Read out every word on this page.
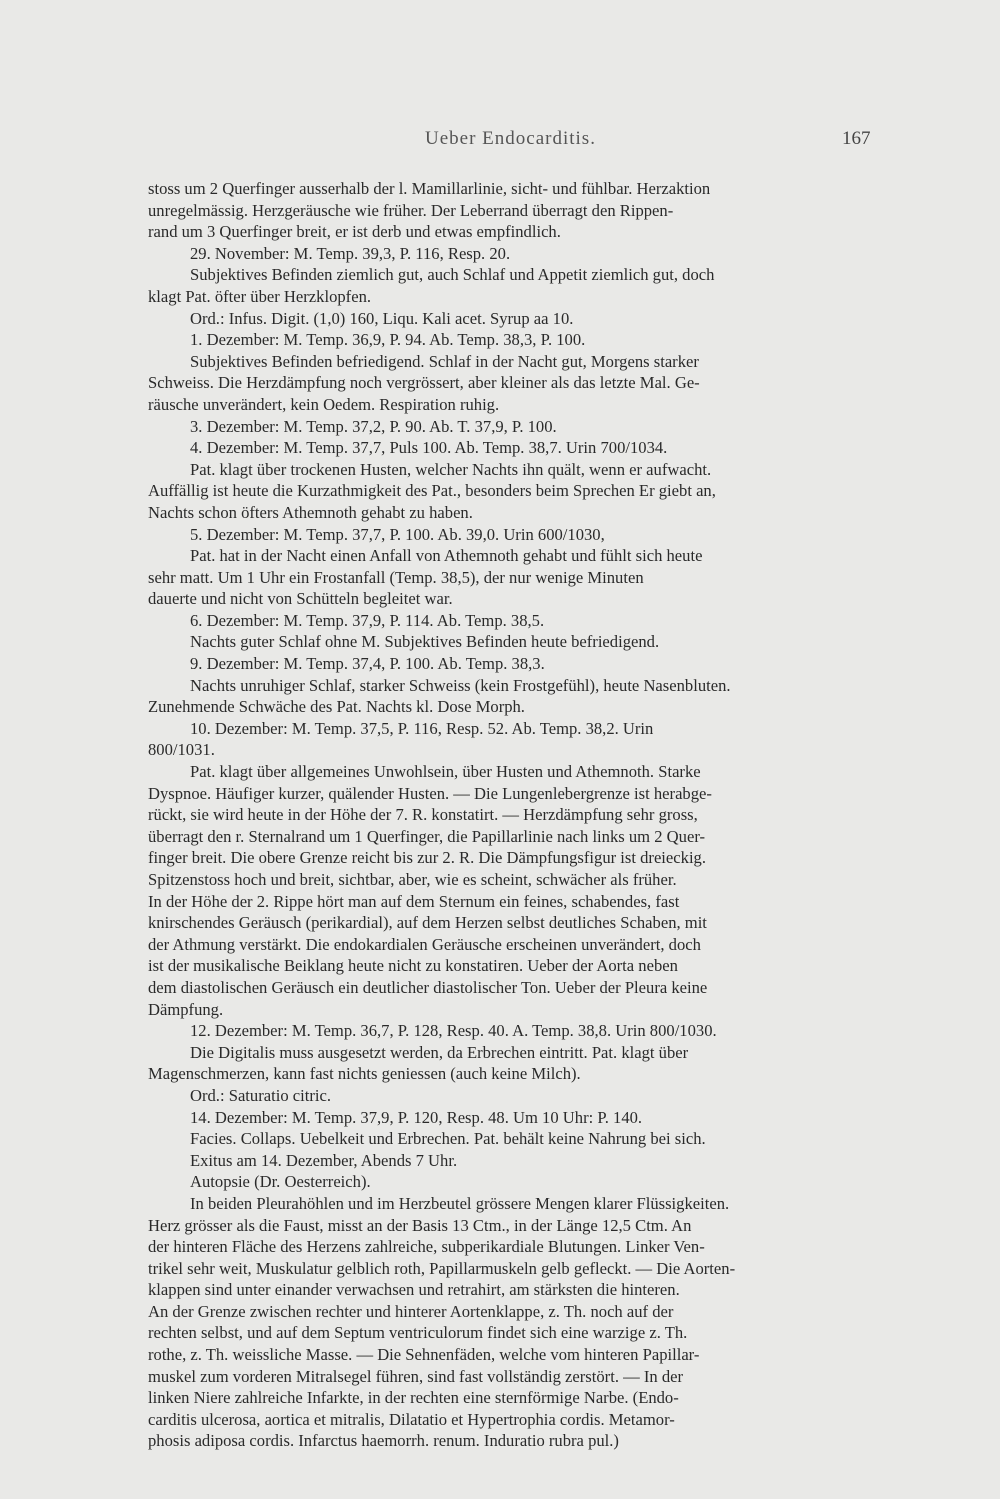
Ueber Endocarditis.	167
stoss um 2 Querfinger ausserhalb der l. Mamillarlinie, sicht- und fühlbar. Herzaktion
unregelmässig. Herzgeräusche wie früher. Der Leberrand überragt den Rippen-
rand um 3 Querfinger breit, er ist derb und etwas empfindlich.
29. November: M. Temp. 39,3, P. 116, Resp. 20.
Subjektives Befinden ziemlich gut, auch Schlaf und Appetit ziemlich gut, doch
klagt Pat. öfter über Herzklopfen.
Ord.: Infus. Digit. (1,0) 160, Liqu. Kali acet. Syrup aa 10.
1. Dezember: M. Temp. 36,9, P. 94. Ab. Temp. 38,3, P. 100.
Subjektives Befinden befriedigend. Schlaf in der Nacht gut, Morgens starker
Schweiss. Die Herzdämpfung noch vergrössert, aber kleiner als das letzte Mal. Ge-
räusche unverändert, kein Oedem. Respiration ruhig.
3. Dezember: M. Temp. 37,2, P. 90. Ab. T. 37,9, P. 100.
4. Dezember: M. Temp. 37,7, Puls 100. Ab. Temp. 38,7. Urin 700/1034.
Pat. klagt über trockenen Husten, welcher Nachts ihn quält, wenn er aufwacht.
Auffällig ist heute die Kurzathmigkeit des Pat., besonders beim Sprechen Er giebt an,
Nachts schon öfters Athemnoth gehabt zu haben.
5. Dezember: M. Temp. 37,7, P. 100. Ab. 39,0. Urin 600/1030,
Pat. hat in der Nacht einen Anfall von Athemnoth gehabt und fühlt sich heute
sehr matt. Um 1 Uhr ein Frostanfall (Temp. 38,5), der nur wenige Minuten
dauerte und nicht von Schütteln begleitet war.
6. Dezember: M. Temp. 37,9, P. 114. Ab. Temp. 38,5.
Nachts guter Schlaf ohne M. Subjektives Befinden heute befriedigend.
9. Dezember: M. Temp. 37,4, P. 100. Ab. Temp. 38,3.
Nachts unruhiger Schlaf, starker Schweiss (kein Frostgefühl), heute Nasenbluten.
Zunehmende Schwäche des Pat. Nachts kl. Dose Morph.
10. Dezember: M. Temp. 37,5, P. 116, Resp. 52. Ab. Temp. 38,2. Urin
800/1031.
Pat. klagt über allgemeines Unwohlsein, über Husten und Athemnoth. Starke
Dyspnoe. Häufiger kurzer, quälender Husten. — Die Lungenlebergrenze ist herabge-
rückt, sie wird heute in der Höhe der 7. R. konstatirt. — Herzdämpfung sehr gross,
überragt den r. Sternalrand um 1 Querfinger, die Papillarlinie nach links um 2 Quer-
finger breit. Die obere Grenze reicht bis zur 2. R. Die Dämpfungsfigur ist dreieckig.
Spitzenstoss hoch und breit, sichtbar, aber, wie es scheint, schwächer als früher.
In der Höhe der 2. Rippe hört man auf dem Sternum ein feines, schabendes, fast
knirschendes Geräusch (perikardial), auf dem Herzen selbst deutliches Schaben, mit
der Athmung verstärkt. Die endokardialen Geräusche erscheinen unverändert, doch
ist der musikalische Beiklang heute nicht zu konstatiren. Ueber der Aorta neben
dem diastolischen Geräusch ein deutlicher diastolischer Ton. Ueber der Pleura keine
Dämpfung.
12. Dezember: M. Temp. 36,7, P. 128, Resp. 40. A. Temp. 38,8. Urin 800/1030.
Die Digitalis muss ausgesetzt werden, da Erbrechen eintritt. Pat. klagt über
Magenschmerzen, kann fast nichts geniessen (auch keine Milch).
Ord.: Saturatio citric.
14. Dezember: M. Temp. 37,9, P. 120, Resp. 48. Um 10 Uhr: P. 140.
Facies. Collaps. Uebelkeit und Erbrechen. Pat. behält keine Nahrung bei sich.
Exitus am 14. Dezember, Abends 7 Uhr.
Autopsie (Dr. Oesterreich).
In beiden Pleurahöhlen und im Herzbeutel grössere Mengen klarer Flüssigkeiten.
Herz grösser als die Faust, misst an der Basis 13 Ctm., in der Länge 12,5 Ctm. An
der hinteren Fläche des Herzens zahlreiche, subperikardiale Blutungen. Linker Ven-
trikel sehr weit, Muskulatur gelblich roth, Papillarmuskeln gelb gefleckt. — Die Aorten-
klappen sind unter einander verwachsen und retrahirt, am stärksten die hinteren.
An der Grenze zwischen rechter und hinterer Aortenklappe, z. Th. noch auf der
rechten selbst, und auf dem Septum ventriculorum findet sich eine warzige z. Th.
rothe, z. Th. weissliche Masse. — Die Sehnenfäden, welche vom hinteren Papillar-
muskel zum vorderen Mitralsegel führen, sind fast vollständig zerstört. — In der
linken Niere zahlreiche Infarkte, in der rechten eine sternförmige Narbe. (Endo-
carditis ulcerosa, aortica et mitralis, Dilatatio et Hypertrophia cordis. Metamor-
phosis adiposa cordis. Infarctus haemorrh. renum. Induratio rubra pul.)
